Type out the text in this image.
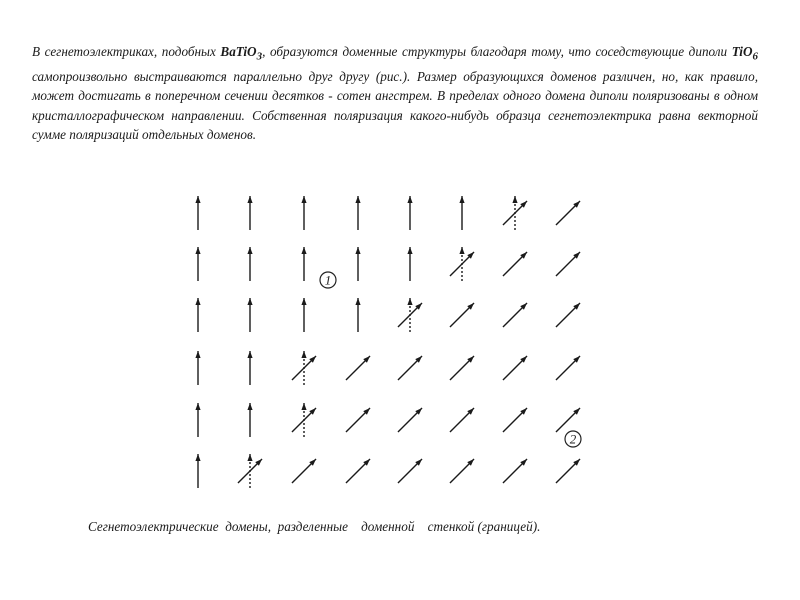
В сегнетоэлектриках, подобных BaTiO$_3$, образуются доменные структуры благодаря тому, что соседствующие диполи TiO$_6$ самопроизвольно выстраиваются параллельно друг другу (рис.). Размер образующихся доменов различен, но, как правило, может достигать в поперечном сечении десятков - сотен ангстрем. В пределах одного домена диполи поляризованы в одном кристаллографическом направлении. Собственная поляризация какого-нибудь образца сегнетоэлектрика равна векторной сумме поляризаций отдельных доменов.

1
2
Сегнетоэлектрические  домены,  разделенные    доменной    стенкой (границей).
